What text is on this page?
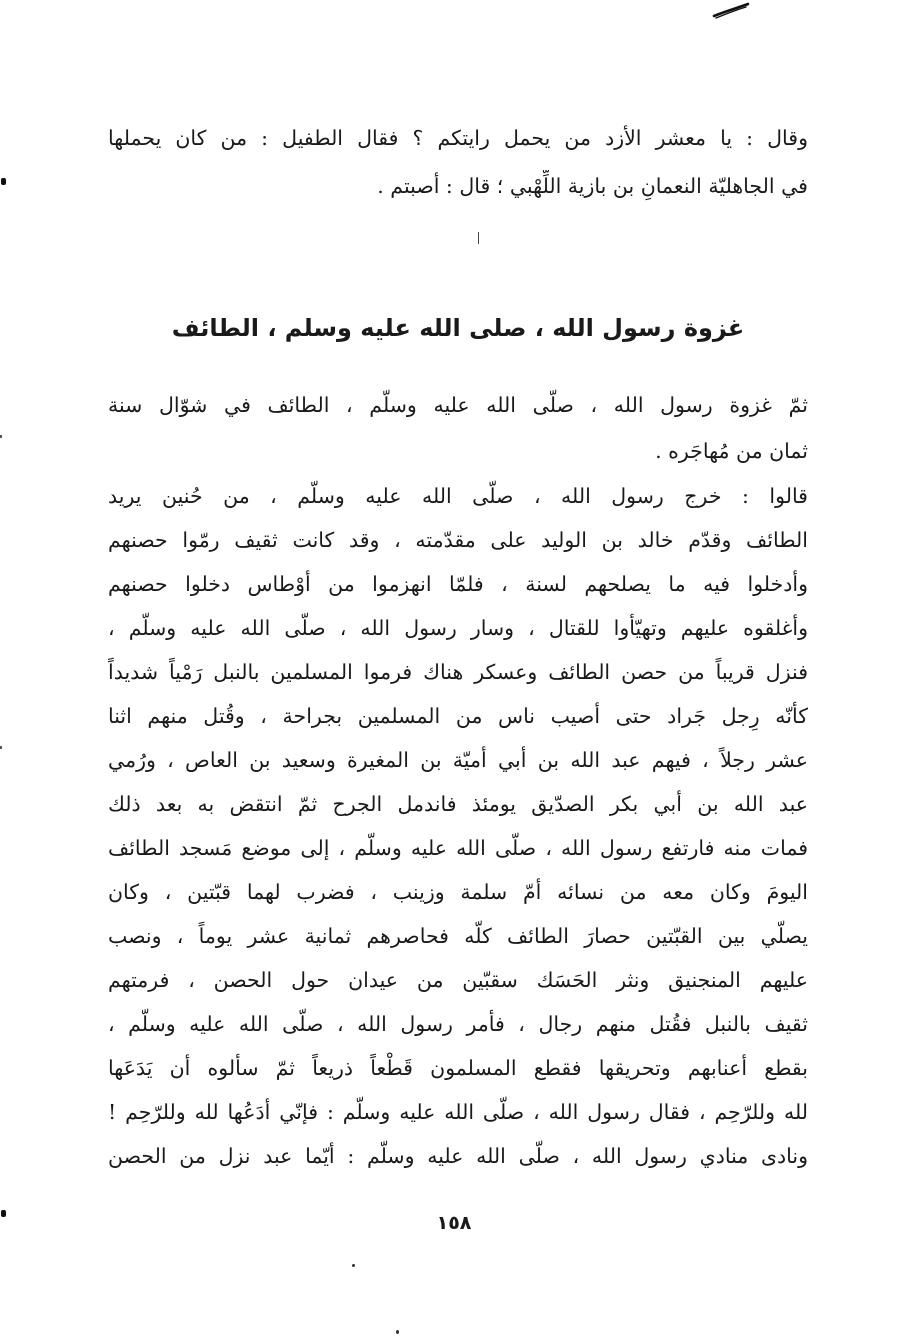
وقال : يا معشر الأزد من يحمل رايتكم ؟ فقال الطفيل : من كان يحملها
في الجاهليّة النعمانِ بن بازية اللِّهْبي ؛ قال : أصبتم .
غزوة رسول الله ، صلى الله عليه وسلم ، الطائف
ثمّ غزوة رسول الله ، صلّى الله عليه وسلّم ، الطائف في شوّال سنة
ثمان من مُهاجَره .
قالوا : خرج رسول الله ، صلّى الله عليه وسلّم ، من حُنين يريد
الطائف وقدّم خالد بن الوليد على مقدّمته ، وقد كانت ثقيف رمّوا حصنهم
وأدخلوا فيه ما يصلحهم لسنة ، فلمّا انهزموا من أوْطاس دخلوا حصنهم
وأغلقوه عليهم وتهيّأوا للقتال ، وسار رسول الله ، صلّى الله عليه وسلّم ،
فنزل قريباً من حصن الطائف وعسكر هناك فرموا المسلمين بالنبل رَمْياً شديداً
كأنّه رِجل جَراد حتى أصيب ناس من المسلمين بجراحة ، وقُتل منهم اثنا
عشر رجلاً ، فيهم عبد الله بن أبي أميّة بن المغيرة وسعيد بن العاص ، ورُمي
عبد الله بن أبي بكر الصدّيق يومئذ فاندمل الجرح ثمّ انتقض به بعد ذلك
فمات منه فارتفع رسول الله ، صلّى الله عليه وسلّم ، إلى موضع مَسجد الطائف
اليومَ وكان معه من نسائه أمّ سلمة وزينب ، فضرب لهما قبّتين ، وكان
يصلّي بين القبّتين حصارَ الطائف كلّه فحاصرهم ثمانية عشر يوماً ، ونصب
عليهم المنجنيق ونثر الحَسَك سقبّين من عيدان حول الحصن ، فرمتهم
ثقيف بالنبل فقُتل منهم رجال ، فأمر رسول الله ، صلّى الله عليه وسلّم ،
بقطع أعنابهم وتحريقها فقطع المسلمون قَطْعاً ذريعاً ثمّ سألوه أن يَدَعَها
لله وللرّحِم ، فقال رسول الله ، صلّى الله عليه وسلّم : فإنّي أدَعُها لله وللرّحِم !
ونادى منادي رسول الله ، صلّى الله عليه وسلّم : أيّما عبد نزل من الحصن
١٥٨
